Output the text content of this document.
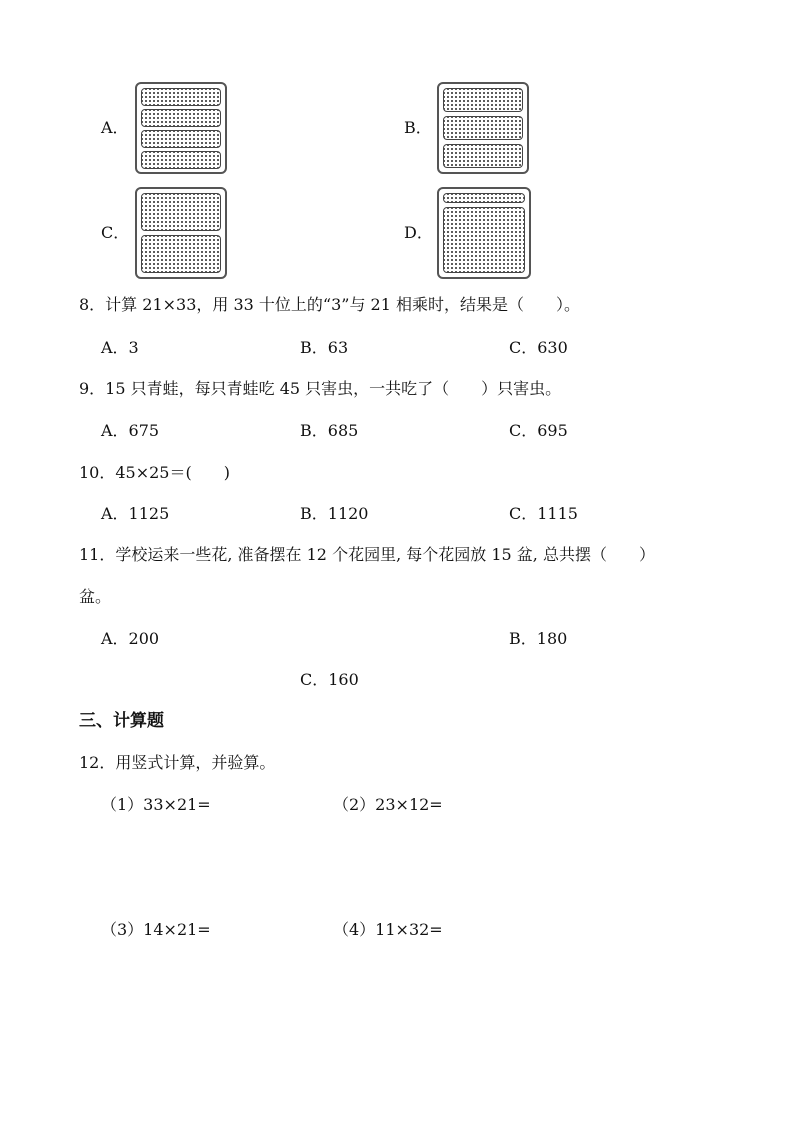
A．	B．
C．	D．
8．计算 21×33，用 33 十位上的“3”与 21 相乘时，结果是（　　）。
A．3	B．63	C．630
9．15 只青蛙，每只青蛙吃 45 只害虫，一共吃了（　　）只害虫。
A．675	B．685	C．695
10．45×25＝(　　)
A．1125	B．1120	C．1115
11．学校运来一些花, 准备摆在 12 个花园里, 每个花园放 15 盆, 总共摆（　　）
盆。
A．200	B．180
C．160
三、计算题
12．用竖式计算，并验算。
（1）33×21=	（2）23×12=
（3）14×21=	（4）11×32=
